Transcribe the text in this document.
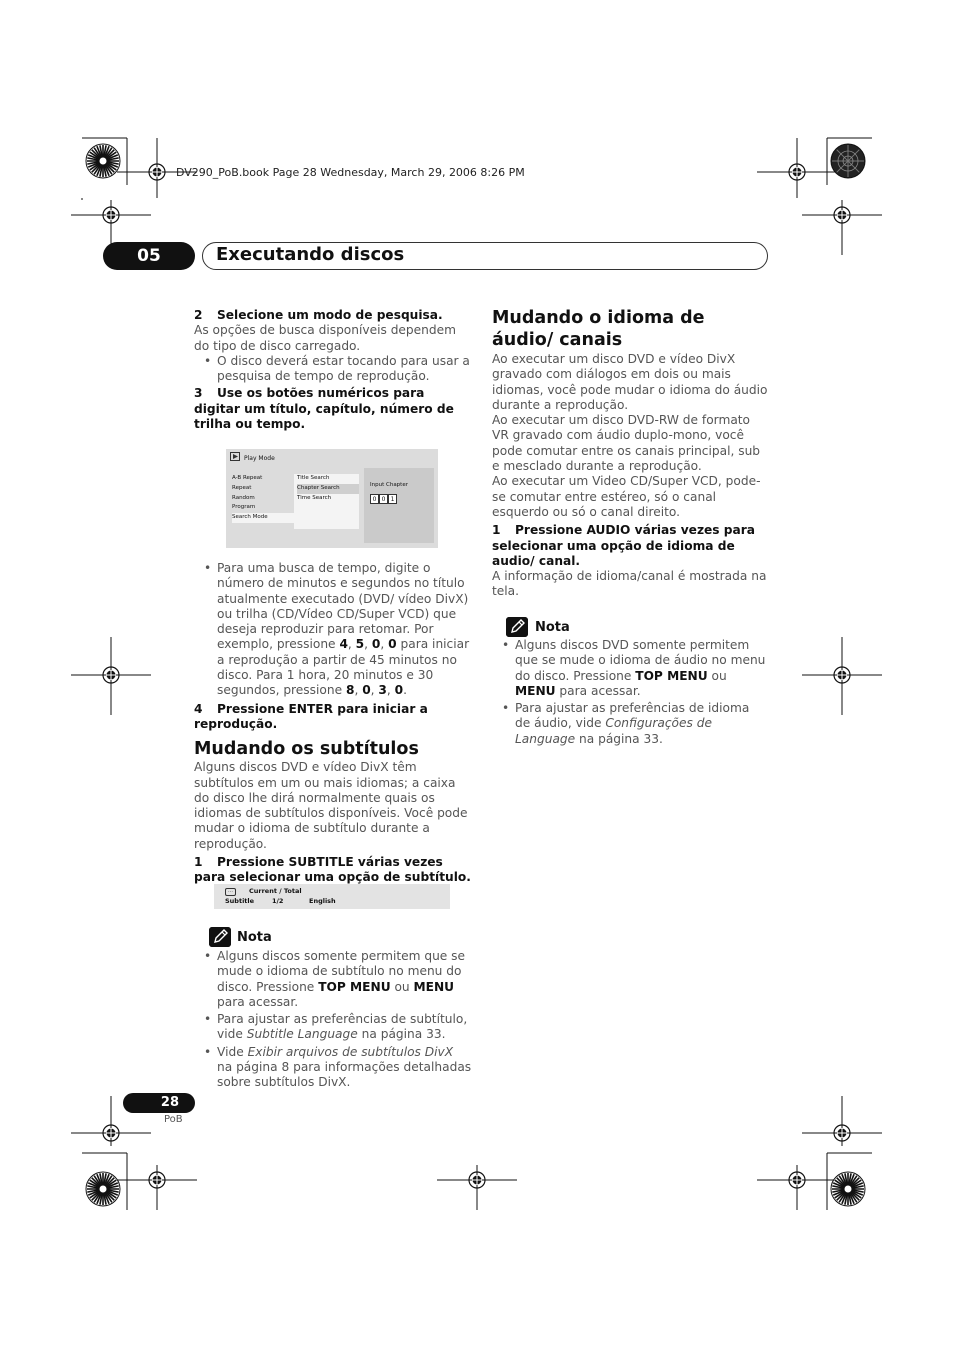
DV290_PoB.book Page 28 Wednesday, March 29, 2006 8:26 PM
05	Executando discos

2 Selecione um modo de pesquisa.

As opções de busca disponíveis dependem do tipo de disco carregado.

• O disco deverá estar tocando para usar a pesquisa de tempo de reprodução.

3 Use os botões numéricos para digitar um título, capítulo, número de trilha ou tempo.

Play Mode
A-B Repeat
Repeat
Random
Program
Search Mode
Title Search
Chapter Search
Time Search
Input Chapter
0 0 1

• Para uma busca de tempo, digite o número de minutos e segundos no título atualmente executado (DVD/ vídeo DivX) ou trilha (CD/Vídeo CD/Super VCD) que deseja reproduzir para retomar. Por exemplo, pressione 4, 5, 0, 0 para iniciar a reprodução a partir de 45 minutos no disco. Para 1 hora, 20 minutos e 30 segundos, pressione 8, 0, 3, 0.

4 Pressione ENTER para iniciar a reprodução.

Mudando os subtítulos

Alguns discos DVD e vídeo DivX têm subtítulos em um ou mais idiomas; a caixa do disco lhe dirá normalmente quais os idiomas de subtítulos disponíveis. Você pode mudar o idioma de subtítulo durante a reprodução.

1 Pressione SUBTITLE várias vezes para selecionar uma opção de subtítulo.

…	Current / Total
Subtitle	1/2	English
Nota

• Alguns discos somente permitem que se mude o idioma de subtítulo no menu do disco. Pressione TOP MENU ou MENU para acessar.

• Para ajustar as preferências de subtítulo, vide Subtitle Language na página 33.

• Vide Exibir arquivos de subtítulos DivX na página 8 para informações detalhadas sobre subtítulos DivX.

Mudando o idioma de áudio/ canais

Ao executar um disco DVD e vídeo DivX gravado com diálogos em dois ou mais idiomas, você pode mudar o idioma do áudio durante a reprodução.

Ao executar um disco DVD-RW de formato VR gravado com áudio duplo-mono, você pode comutar entre os canais principal, sub e mesclado durante a reprodução.

Ao executar um Video CD/Super VCD, pode-se comutar entre estéreo, só o canal esquerdo ou só o canal direito.

1 Pressione AUDIO várias vezes para selecionar uma opção de idioma de audio/ canal.

A informação de idioma/canal é mostrada na tela.

Nota

• Alguns discos DVD somente permitem que se mude o idioma de áudio no menu do disco. Pressione TOP MENU ou MENU para acessar.

• Para ajustar as preferências de idioma de áudio, vide Configurações de Language na página 33.

28
PoB
